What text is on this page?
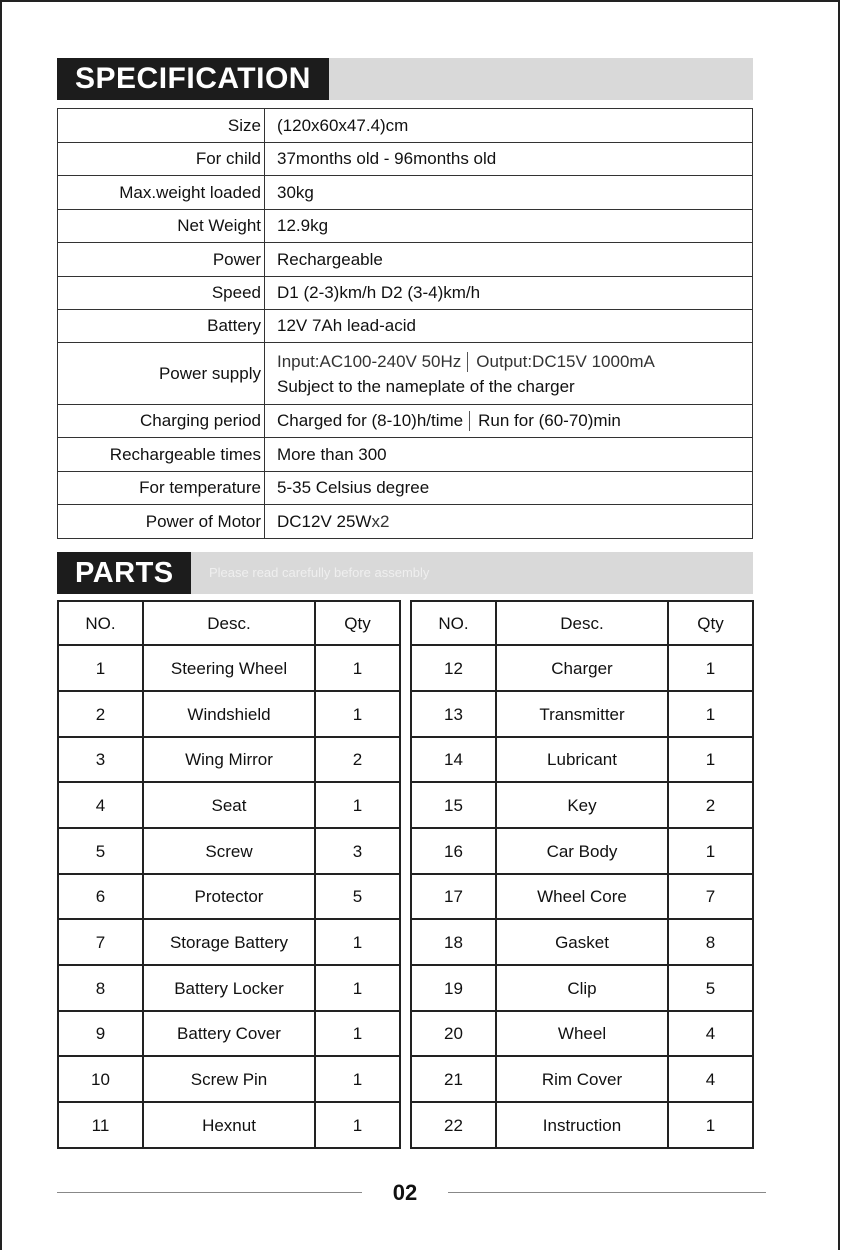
SPECIFICATION
Size	(120x60x47.4)cm
For child	37months old - 96months old
Max.weight loaded	30kg
Net Weight	12.9kg
Power	Rechargeable
Speed	D1 (2-3)km/h D2 (3-4)km/h
Battery	12V 7Ah lead-acid
Power supply	Input:AC100-240V 50Hz Output:DC15V 1000mA
Subject to the nameplate of the charger

Charging period	Charged for (8-10)h/time Run for (60-70)min
Rechargeable times	More than 300
For temperature	5-35 Celsius degree
Power of Motor	DC12V 25Wx2
PARTS	Please read carefully before assembly
NO.	Desc.	Qty
1	Steering Wheel	1
2	Windshield	1
3	Wing Mirror	2
4	Seat	1
5	Screw	3
6	Protector	5
7	Storage Battery	1
8	Battery Locker	1
9	Battery Cover	1
10	Screw Pin	1
11	Hexnut	1
NO.	Desc.	Qty
12	Charger	1
13	Transmitter	1
14	Lubricant	1
15	Key	2
16	Car Body	1
17	Wheel Core	7
18	Gasket	8
19	Clip	5
20	Wheel	4
21	Rim Cover	4
22	Instruction	1
02
